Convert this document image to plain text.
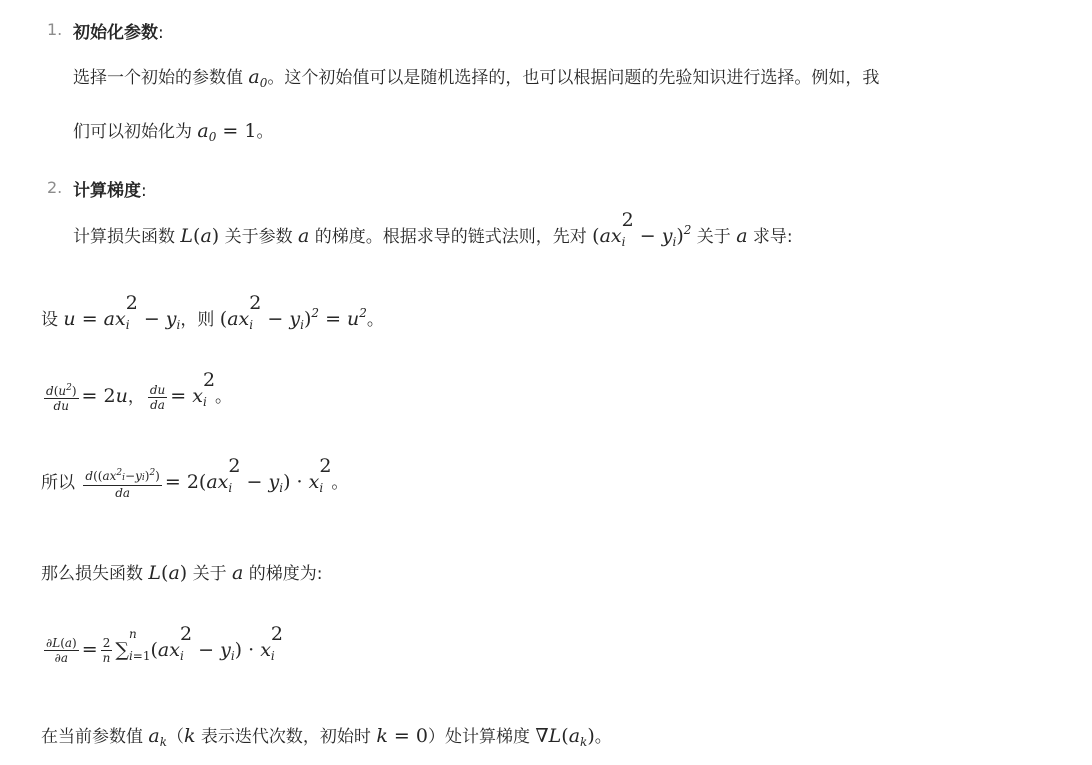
1. 初始化参数:
选择一个初始的参数值 $a_0$。这个初始值可以是随机选择的，也可以根据问题的先验知识进行选择。例如，我
们可以初始化为 $a_0 = 1$。
2. 计算梯度:
计算损失函数 L(a) 关于参数 a 的梯度。根据求导的链式法则，先对 (ax
2
$i - y_i)^2$ 关于 a 求导:
设 u = ax
2
$i - y_i$，则 (ax
2
$i - y_i)^2 = u^2$。
$\frac{d(u^2)}{du} = 2u$， $\frac{du}{da} = x$
2
i 。
所以 $\frac{d((ax^2i-yi)^2)}{da} = 2(ax$
2
$i - y_i) \cdot x$
2
i 。
那么损失函数 L(a) 关于 a 的梯度为:
$\frac{\partial L(a)}{\partial a} = \frac{2}{n}$ ∑
n
i=1 (ax
2
$i - y_i) \cdot x$
2
i
在当前参数值 $a_k(k$ 表示迭代次数，初始时 k = 0）处计算梯度 $\nabla L(a_k)$。
